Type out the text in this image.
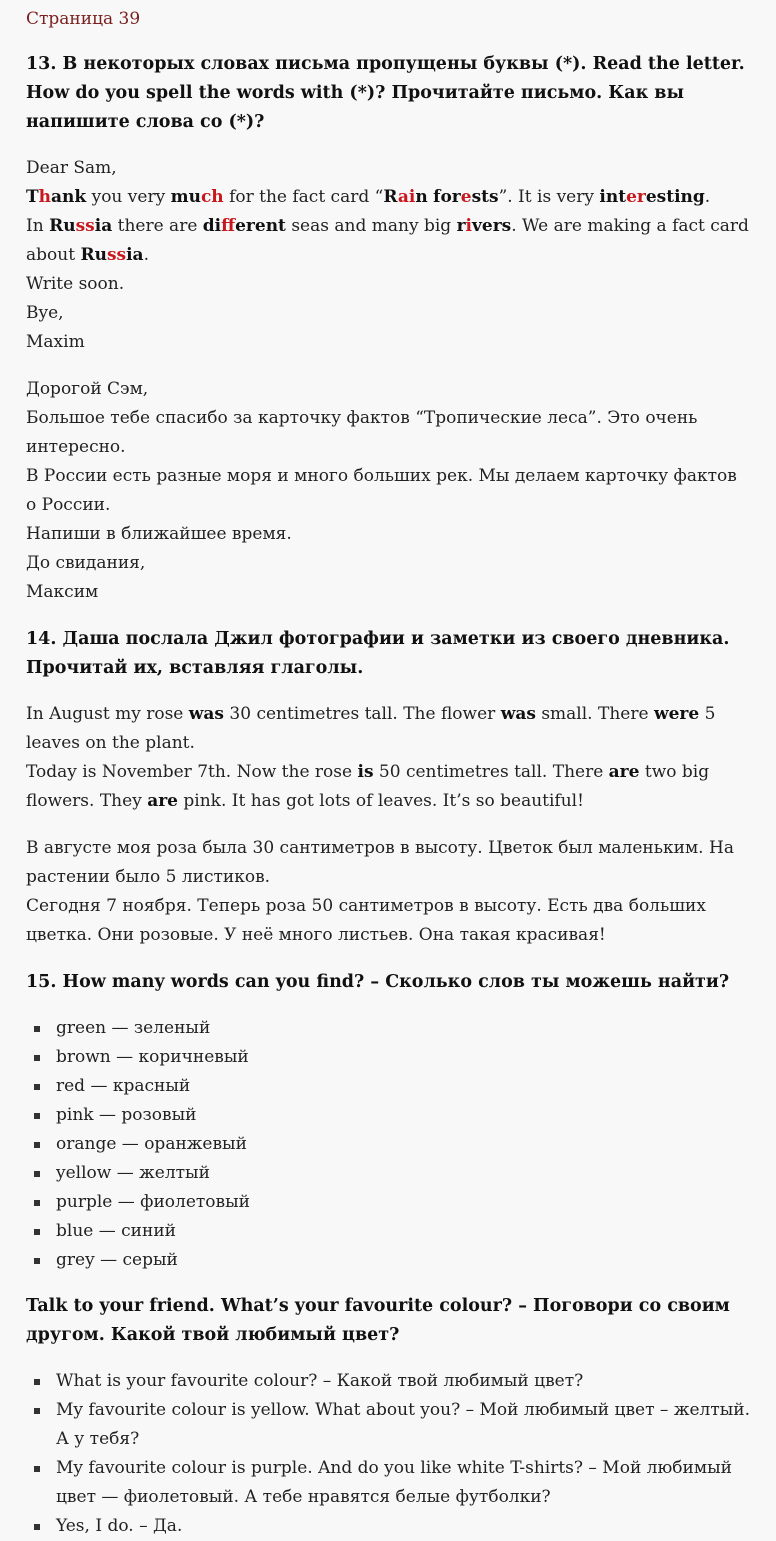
Страница 39
13. В некоторых словах письма пропущены буквы (*). Read the letter. How do you spell the words with (*)? Прочитайте письмо. Как вы напишите слова со (*)?

Dear Sam,
Thank you very much for the fact card “Rain forests”. It is very interesting.
In Russia there are different seas and many big rivers. We are making a fact card about Russia.
Write soon.
Bye,
Maxim

Дорогой Сэм,
Большое тебе спасибо за карточку фактов “Тропические леса”. Это очень интересно.
В России есть разные моря и много больших рек. Мы делаем карточку фактов о России.
Напиши в ближайшее время.
До свидания,
Максим

14. Даша послала Джил фотографии и заметки из своего дневника. Прочитай их, вставляя глаголы.

In August my rose was 30 centimetres tall. The flower was small. There were 5 leaves on the plant.
Today is November 7th. Now the rose is 50 centimetres tall. There are two big flowers. They are pink. It has got lots of leaves. It’s so beautiful!

В августе моя роза была 30 сантиметров в высоту. Цветок был маленьким. На растении было 5 листиков.
Сегодня 7 ноября. Теперь роза 50 сантиметров в высоту. Есть два больших цветка. Они розовые. У неё много листьев. Она такая красивая!

15. How many words can you find? – Сколько слов ты можешь найти?
green — зеленый
brown — коричневый
red — красный
pink — розовый
orange — оранжевый
yellow — желтый
purple — фиолетовый
blue — синий
grey — серый
Talk to your friend. What’s your favourite colour? – Поговори со своим другом. Какой твой любимый цвет?
What is your favourite colour? – Какой твой любимый цвет?
My favourite colour is yellow. What about you? – Мой любимый цвет – желтый. А у тебя?
My favourite colour is purple. And do you like white T-shirts? – Мой любимый цвет — фиолетовый. А тебе нравятся белые футболки?
Yes, I do. – Да.
